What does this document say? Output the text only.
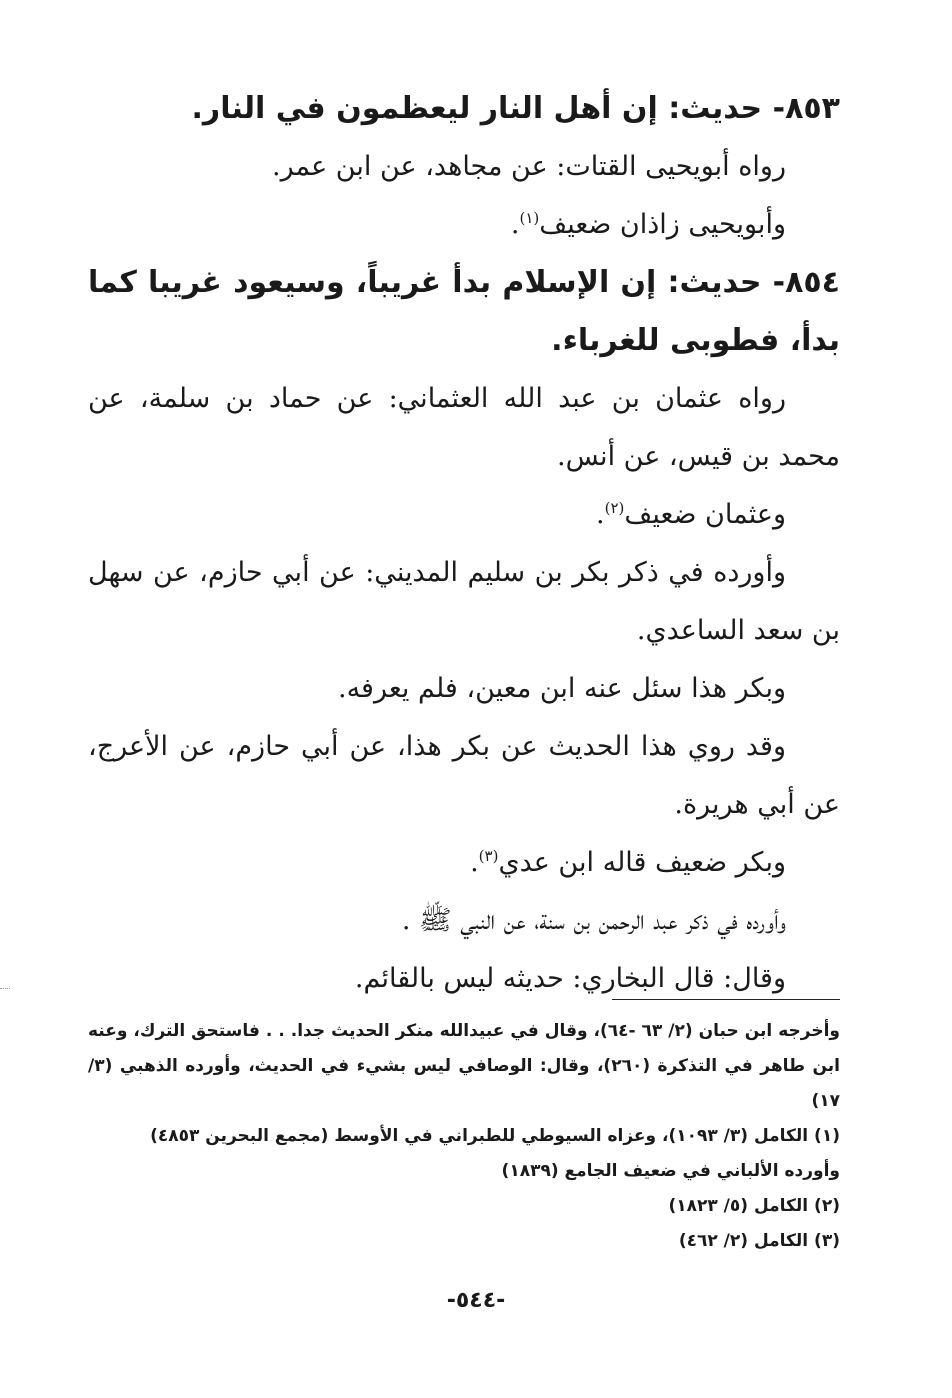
٨٥٣- حديث: إن أهل النار ليعظمون في النار.

رواه أبويحيى القتات: عن مجاهد، عن ابن عمر.

وأبويحيى زاذان ضعيف$^{(١)}$.

٨٥٤- حديث: إن الإسلام بدأ غريباً، وسيعود غريبا كما بدأ، فطوبى للغرباء.

رواه عثمان بن عبد الله العثماني: عن حماد بن سلمة، عن محمد بن قيس، عن أنس.

وعثمان ضعيف$^{(٢)}$.

وأورده في ذكر بكر بن سليم المديني: عن أبي حازم، عن سهل بن سعد الساعدي.

وبكر هذا سئل عنه ابن معين، فلم يعرفه.

وقد روي هذا الحديث عن بكر هذا، عن أبي حازم، عن الأعرج، عن أبي هريرة.

وبكر ضعيف قاله ابن عدي$^{(٣)}$.

وأورده في ذكر عبد الرحمن بن سنة، عن النبي ﷺ .

وقال: قال البخاري: حديثه ليس بالقائم.

وأخرجه ابن حبان (٢/ ٦٣ -٦٤)، وقال في عبيدالله منكر الحديث جدا. . . فاستحق الترك، وعنه ابن طاهر في التذكرة (٢٦٠)، وقال: الوصافي ليس بشيء في الحديث، وأورده الذهبي (٣/ ١٧)

(١) الكامل (٣/ ١٠٩٣)، وعزاه السيوطي للطبراني في الأوسط (مجمع البحرين ٤٨٥٣)

وأورده الألباني في ضعيف الجامع (١٨٣٩)

(٢) الكامل (٥/ ١٨٢٣)

(٣) الكامل (٢/ ٤٦٢)

-٥٤٤-
